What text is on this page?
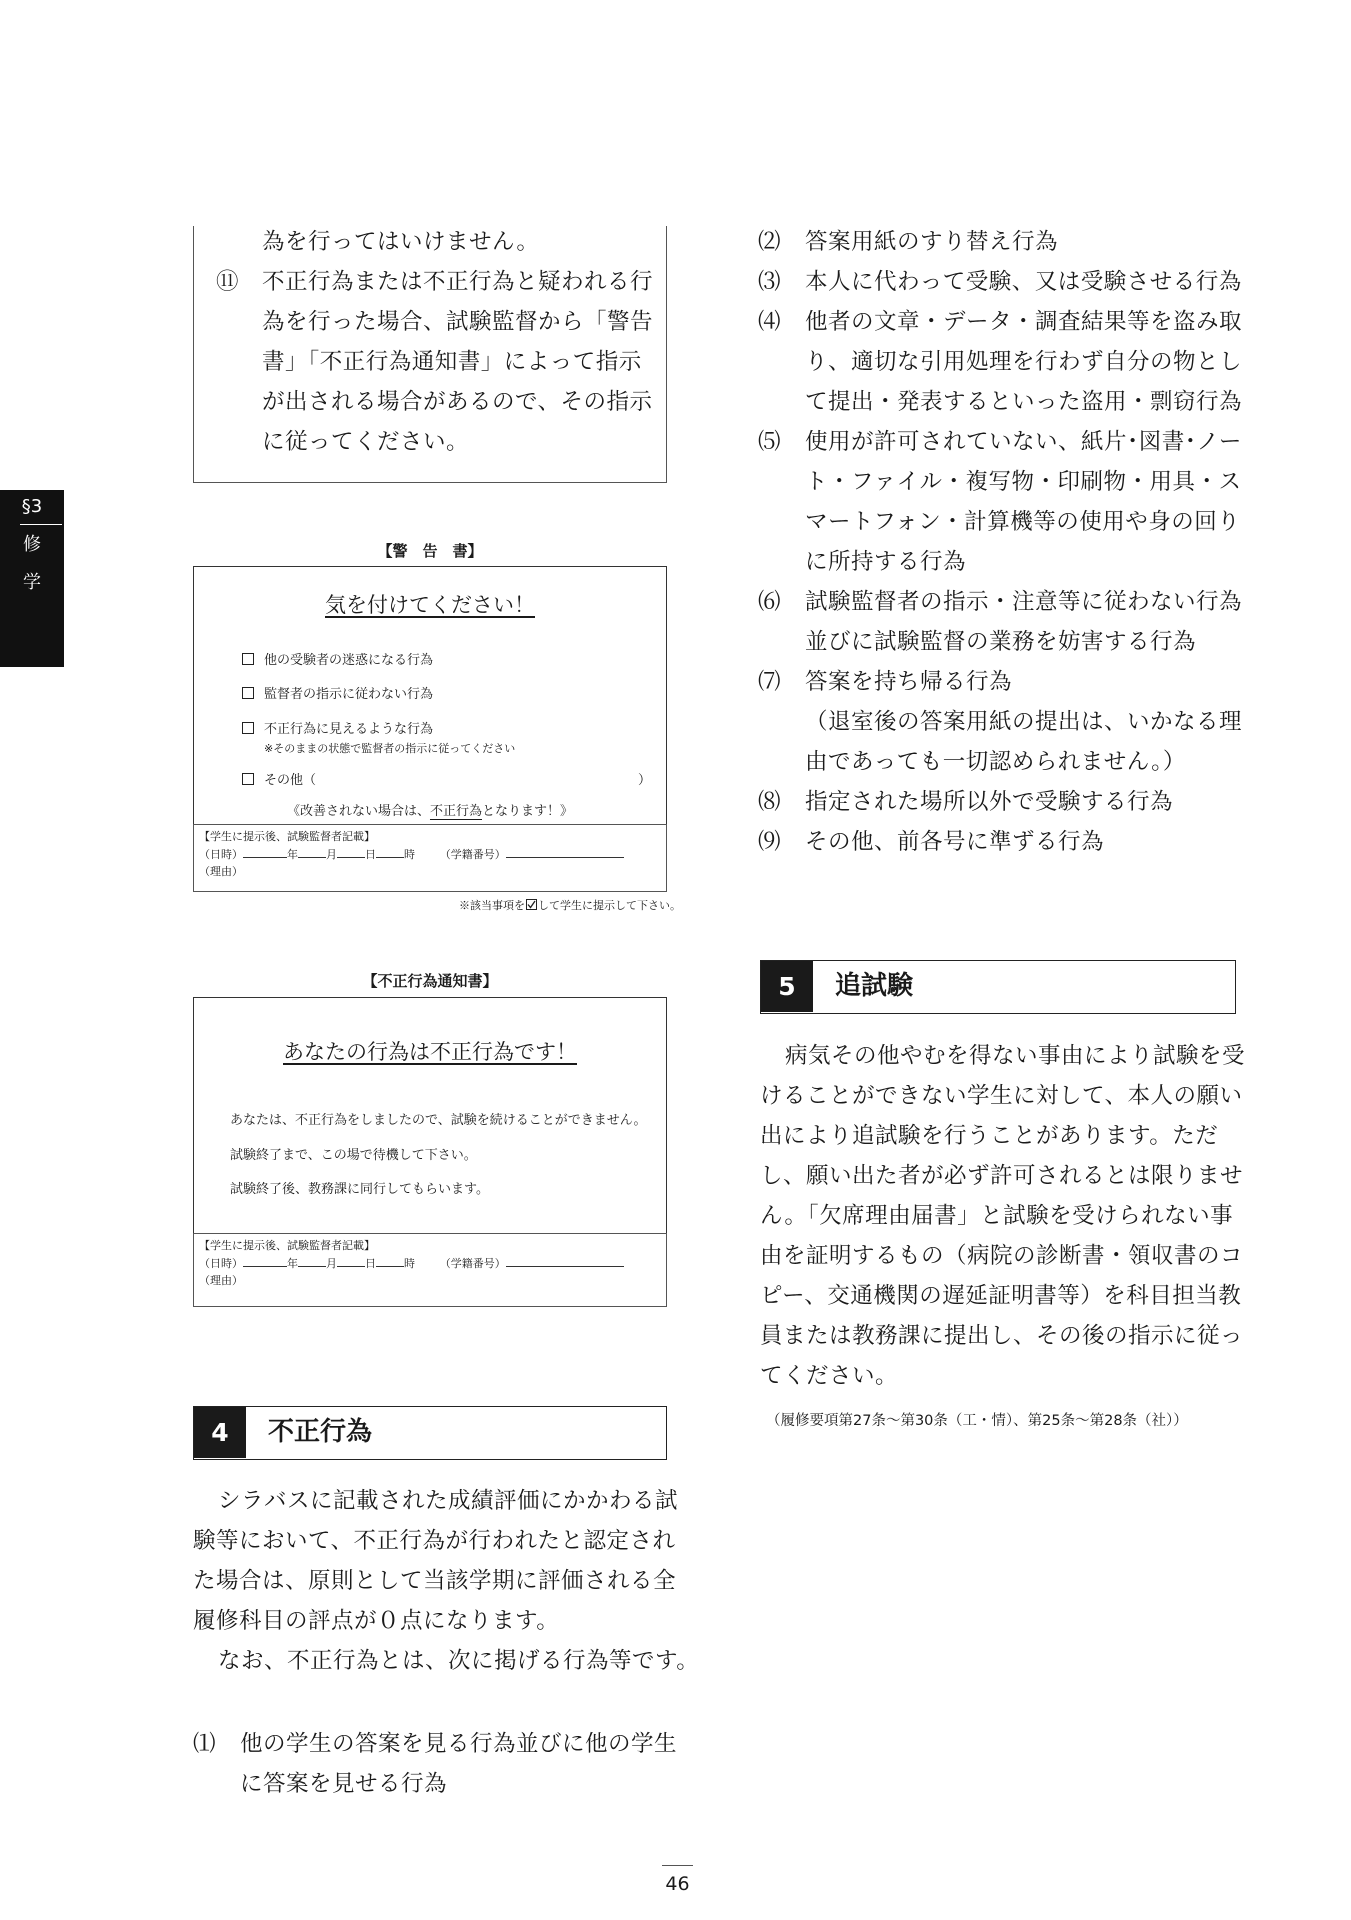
§3
修
学
為を行ってはいけません。
⑪ 不正行為または不正行為と疑われる行
為を行った場合、試験監督から「警告
書」「不正行為通知書」によって指示
が出される場合があるので、その指示
に従ってください。
【警　告　書】
気を付けてください！
他の受験者の迷惑になる行為
監督者の指示に従わない行為
不正行為に見えるような行為
※そのままの状態で監督者の指示に従ってください
その他（	）
《改善されない場合は、不正行為となります！》
【学生に提示後、試験監督者記載】
（日時）	年	月	日	時 （学籍番号）
（理由）
※該当事項を して学生に提示して下さい。
【不正行為通知書】
あなたの行為は不正行為です！
あなたは、不正行為をしましたので、試験を続けることができません。
試験終了まで、この場で待機して下さい。
試験終了後、教務課に同行してもらいます。
【学生に提示後、試験監督者記載】
（日時）	年	月	日	時 （学籍番号）
（理由）
4	不正行為
シラバスに記載された成績評価にかかわる試
験等において、不正行為が行われたと認定され
た場合は、原則として当該学期に評価される全
履修科目の評点が０点になります。
なお、不正行為とは、次に掲げる行為等です。
⑴ 他の学生の答案を見る行為並びに他の学生
に答案を見せる行為
⑵ 答案用紙のすり替え行為
⑶ 本人に代わって受験、又は受験させる行為
⑷ 他者の文章・データ・調査結果等を盗み取
り、適切な引用処理を行わず自分の物とし
て提出・発表するといった盗用・剽窃行為
⑸ 使用が許可されていない、紙片･図書･ノー
ト・ファイル・複写物・印刷物・用具・ス
マートフォン・計算機等の使用や身の回り
に所持する行為
⑹ 試験監督者の指示・注意等に従わない行為
並びに試験監督の業務を妨害する行為
⑺ 答案を持ち帰る行為
（退室後の答案用紙の提出は、いかなる理
由であっても一切認められません。）
⑻ 指定された場所以外で受験する行為
⑼ その他、前各号に準ずる行為
5	追試験
病気その他やむを得ない事由により試験を受
けることができない学生に対して、本人の願い
出により追試験を行うことがあります。ただ
し、願い出た者が必ず許可されるとは限りませ
ん。「欠席理由届書」と試験を受けられない事
由を証明するもの（病院の診断書・領収書のコ
ピー、交通機関の遅延証明書等）を科目担当教
員または教務課に提出し、その後の指示に従っ
てください。
（履修要項第27条～第30条（工・情）、第25条～第28条（社））
46
